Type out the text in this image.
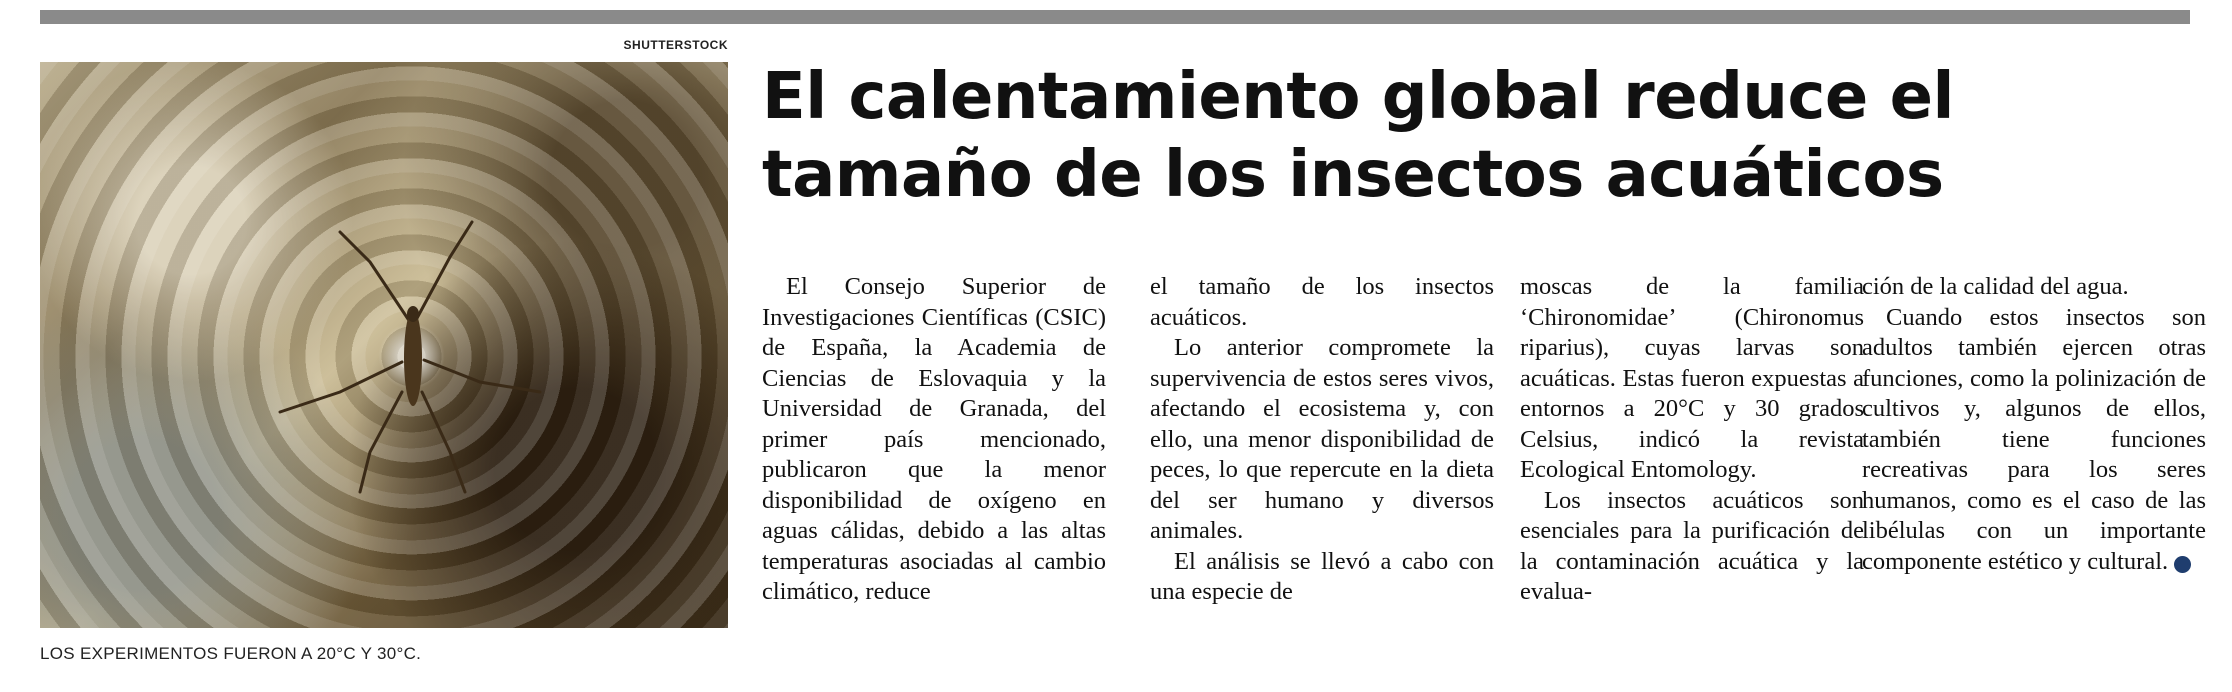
SHUTTERSTOCK
LOS EXPERIMENTOS FUERON A 20°C Y 30°C.
El calentamiento global reduce el tamaño de los insectos acuáticos

El Consejo Superior de Investigaciones Científicas (CSIC) de España, la Academia de Ciencias de Eslovaquia y la Universidad de Granada, del primer país mencionado, publicaron que la menor disponibilidad de oxígeno en aguas cálidas, debido a las altas temperaturas asociadas al cambio climático, reduce

el tamaño de los insectos acuáticos.

Lo anterior compromete la supervivencia de estos seres vivos, afectando el ecosistema y, con ello, una menor disponibilidad de peces, lo que repercute en la dieta del ser humano y diversos animales.

El análisis se llevó a cabo con una especie de

moscas de la familia ‘Chironomidae’ (Chironomus riparius), cuyas larvas son acuáticas. Estas fueron expuestas a entornos a 20°C y 30 grados Celsius, indicó la revista Ecological Entomology.

Los insectos acuáticos son esenciales para la purificación de la contaminación acuática y la evalua-

ción de la calidad del agua.

Cuando estos insectos son adultos también ejercen otras funciones, como la polinización de cultivos y, algunos de ellos, también tiene funciones recreativas para los seres humanos, como es el caso de las libélulas con un importante componente estético y cultural.	✪
